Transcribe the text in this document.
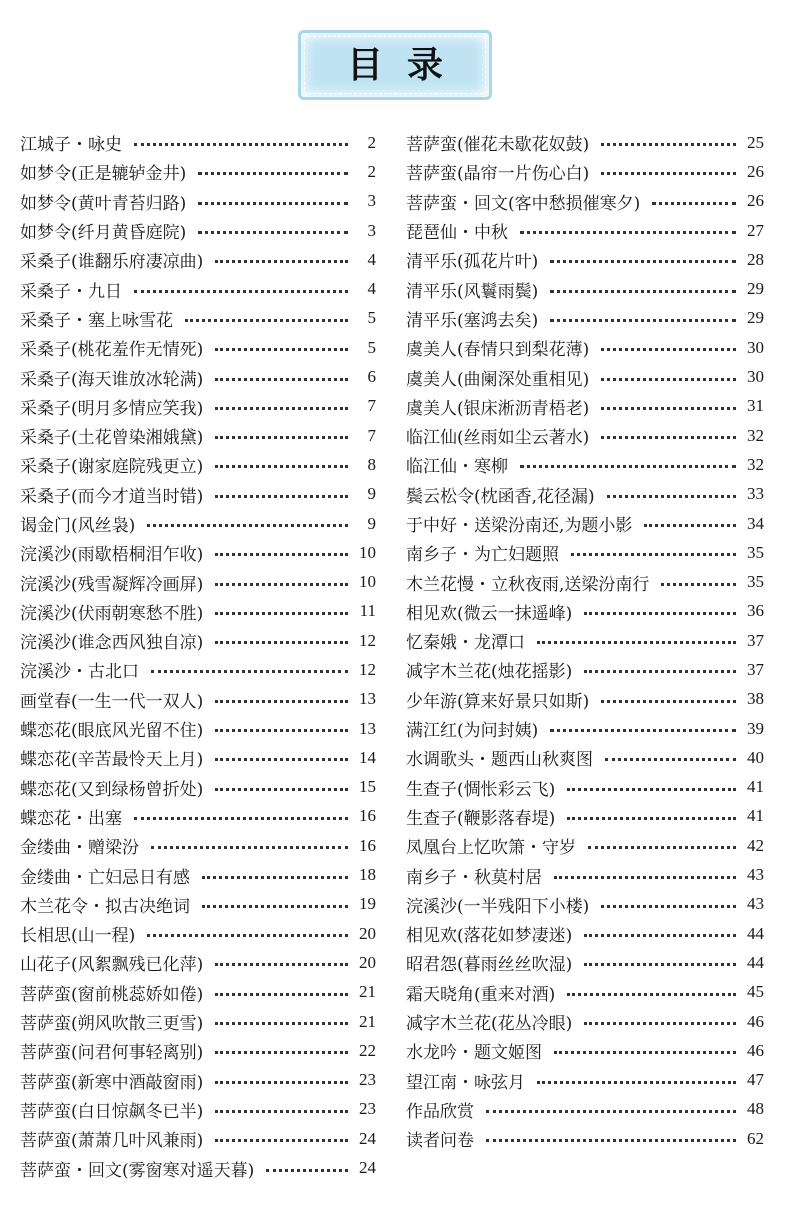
目录
江城子・咏史	2
如梦令(正是辘轳金井)	2
如梦令(黄叶青苔归路)	3
如梦令(纤月黄昏庭院)	3
采桑子(谁翻乐府凄凉曲)	4
采桑子・九日	4
采桑子・塞上咏雪花	5
采桑子(桃花羞作无情死)	5
采桑子(海天谁放冰轮满)	6
采桑子(明月多情应笑我)	7
采桑子(土花曾染湘娥黛)	7
采桑子(谢家庭院残更立)	8
采桑子(而今才道当时错)	9
谒金门(风丝袅)	9
浣溪沙(雨歇梧桐泪乍收)	10
浣溪沙(残雪凝辉冷画屏)	10
浣溪沙(伏雨朝寒愁不胜)	11
浣溪沙(谁念西风独自凉)	12
浣溪沙・古北口	12
画堂春(一生一代一双人)	13
蝶恋花(眼底风光留不住)	13
蝶恋花(辛苦最怜天上月)	14
蝶恋花(又到绿杨曾折处)	15
蝶恋花・出塞	16
金缕曲・赠梁汾	16
金缕曲・亡妇忌日有感	18
木兰花令・拟古决绝词	19
长相思(山一程)	20
山花子(风絮飘残已化萍)	20
菩萨蛮(窗前桃蕊娇如倦)	21
菩萨蛮(朔风吹散三更雪)	21
菩萨蛮(问君何事轻离别)	22
菩萨蛮(新寒中酒敲窗雨)	23
菩萨蛮(白日惊飙冬已半)	23
菩萨蛮(萧萧几叶风兼雨)	24
菩萨蛮・回文(雾窗寒对遥天暮)	24
菩萨蛮(催花未歇花奴鼓)	25
菩萨蛮(晶帘一片伤心白)	26
菩萨蛮・回文(客中愁损催寒夕)	26
琵琶仙・中秋	27
清平乐(孤花片叶)	28
清平乐(风鬟雨鬓)	29
清平乐(塞鸿去矣)	29
虞美人(春情只到梨花薄)	30
虞美人(曲阑深处重相见)	30
虞美人(银床淅沥青梧老)	31
临江仙(丝雨如尘云著水)	32
临江仙・寒柳	32
鬓云松令(枕函香,花径漏)	33
于中好・送梁汾南还,为题小影	34
南乡子・为亡妇题照	35
木兰花慢・立秋夜雨,送梁汾南行	35
相见欢(微云一抹遥峰)	36
忆秦娥・龙潭口	37
减字木兰花(烛花摇影)	37
少年游(算来好景只如斯)	38
满江红(为问封姨)	39
水调歌头・题西山秋爽图	40
生查子(惆怅彩云飞)	41
生查子(鞭影落春堤)	41
凤凰台上忆吹箫・守岁	42
南乡子・秋莫村居	43
浣溪沙(一半残阳下小楼)	43
相见欢(落花如梦凄迷)	44
昭君怨(暮雨丝丝吹湿)	44
霜天晓角(重来对酒)	45
减字木兰花(花丛冷眼)	46
水龙吟・题文姬图	46
望江南・咏弦月	47
作品欣赏	48
读者问卷	62
